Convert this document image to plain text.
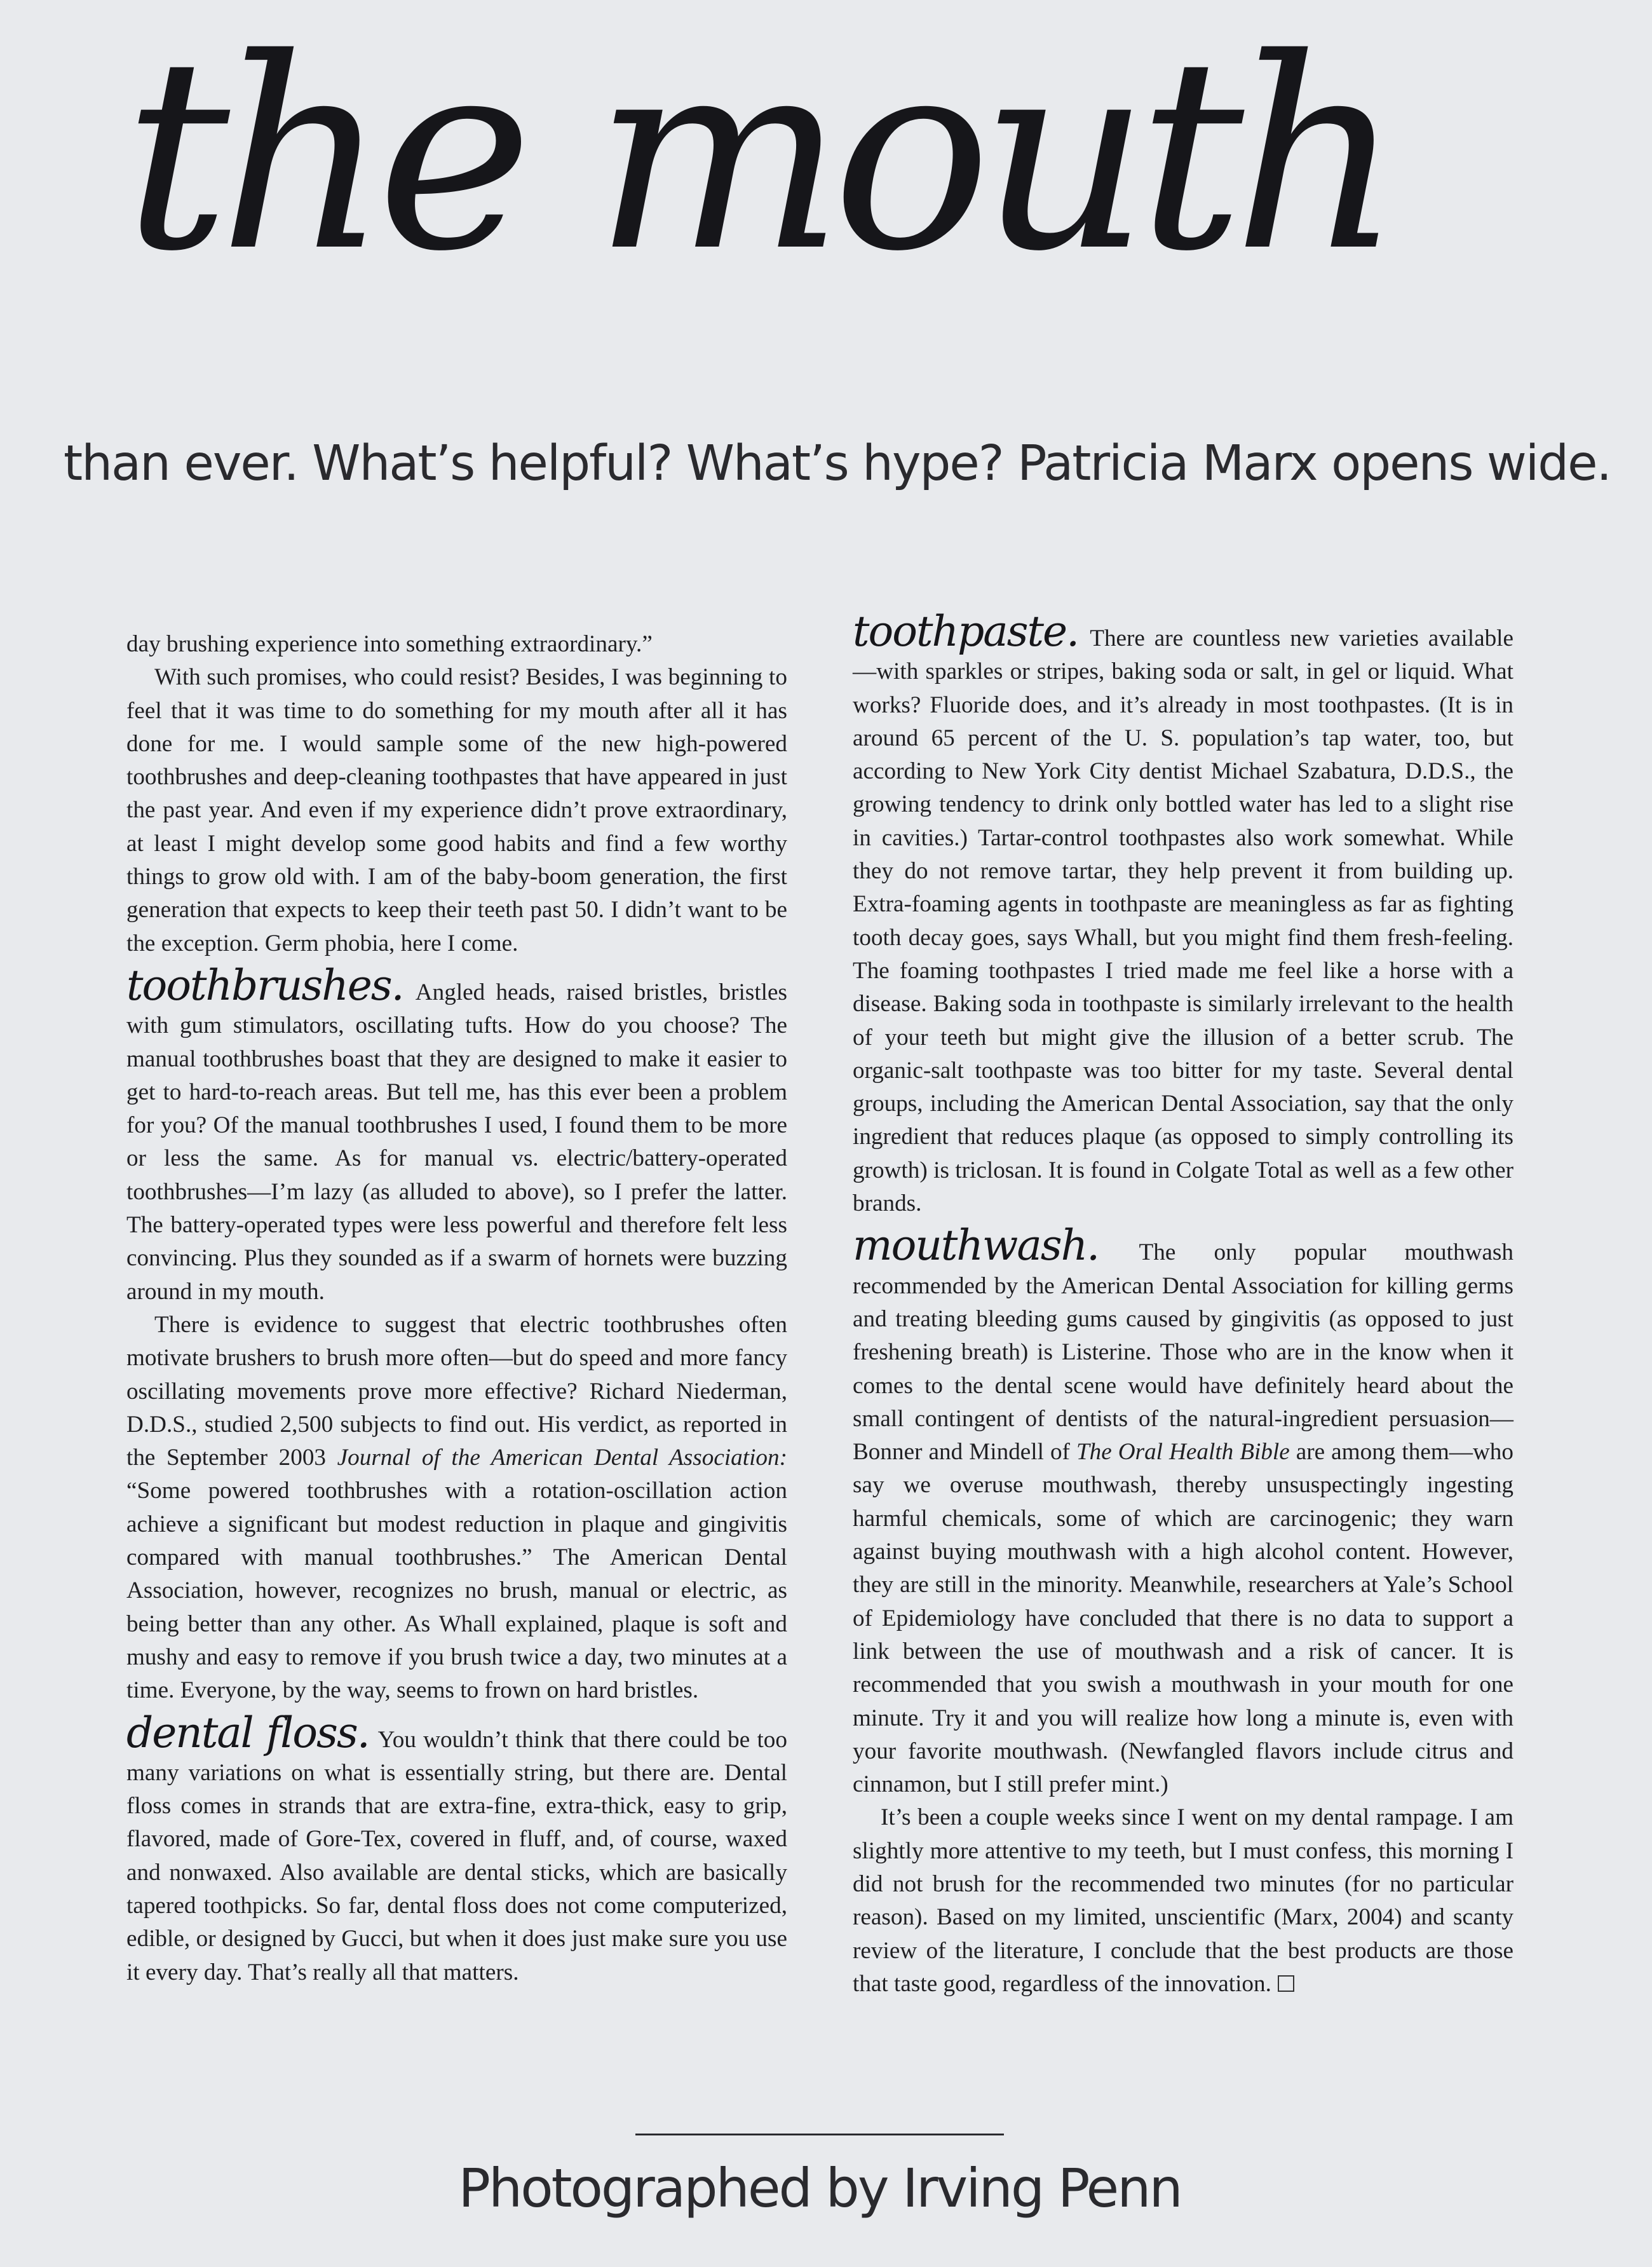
the mouth

than ever. What’s helpful? What’s hype? Patricia Marx opens wide.

day brushing experience into something extraordinary.”

With such promises, who could resist? Besides, I was beginning to feel that it was time to do something for my mouth after all it has done for me. I would sample some of the new high-powered toothbrushes and deep-cleaning toothpastes that have appeared in just the past year. And even if my experience didn’t prove extraordinary, at least I might develop some good habits and find a few worthy things to grow old with. I am of the baby-boom generation, the first generation that expects to keep their teeth past 50. I didn’t want to be the exception. Germ phobia, here I come.

toothbrushes. Angled heads, raised bristles, bristles with gum stimulators, oscillating tufts. How do you choose? The manual toothbrushes boast that they are designed to make it easier to get to hard-to-reach areas. But tell me, has this ever been a problem for you? Of the manual toothbrushes I used, I found them to be more or less the same. As for manual vs. electric/battery-operated toothbrushes—I’m lazy (as alluded to above), so I prefer the latter. The battery-operated types were less powerful and therefore felt less convincing. Plus they sounded as if a swarm of hornets were buzzing around in my mouth.

There is evidence to suggest that electric toothbrushes often motivate brushers to brush more often—but do speed and more fancy oscillating movements prove more effective? Richard Niederman, D.D.S., studied 2,500 subjects to find out. His verdict, as reported in the September 2003 Journal of the American Dental Association: “Some powered toothbrushes with a rotation-oscillation action achieve a significant but modest reduction in plaque and gingivitis compared with manual toothbrushes.” The American Dental Association, however, recognizes no brush, manual or electric, as being better than any other. As Whall explained, plaque is soft and mushy and easy to remove if you brush twice a day, two minutes at a time. Everyone, by the way, seems to frown on hard bristles.

dental floss. You wouldn’t think that there could be too many variations on what is essentially string, but there are. Dental floss comes in strands that are extra-fine, extra-thick, easy to grip, flavored, made of Gore-Tex, covered in fluff, and, of course, waxed and nonwaxed. Also available are dental sticks, which are basically tapered toothpicks. So far, dental floss does not come computerized, edible, or designed by Gucci, but when it does just make sure you use it every day. That’s really all that matters.

toothpaste. There are countless new varieties available—with sparkles or stripes, baking soda or salt, in gel or liquid. What works? Fluoride does, and it’s already in most toothpastes. (It is in around 65 percent of the U. S. population’s tap water, too, but according to New York City dentist Michael Szabatura, D.D.S., the growing tendency to drink only bottled water has led to a slight rise in cavities.) Tartar-control toothpastes also work somewhat. While they do not remove tartar, they help prevent it from building up. Extra-foaming agents in toothpaste are meaningless as far as fighting tooth decay goes, says Whall, but you might find them fresh-feeling. The foaming toothpastes I tried made me feel like a horse with a disease. Baking soda in toothpaste is similarly irrelevant to the health of your teeth but might give the illusion of a better scrub. The organic-salt toothpaste was too bitter for my taste. Several dental groups, including the American Dental Association, say that the only ingredient that reduces plaque (as opposed to simply controlling its growth) is triclosan. It is found in Colgate Total as well as a few other brands.

mouthwash. The only popular mouthwash recommended by the American Dental Association for killing germs and treating bleeding gums caused by gingivitis (as opposed to just freshening breath) is Listerine. Those who are in the know when it comes to the dental scene would have definitely heard about the small contingent of dentists of the natural-ingredient persuasion—Bonner and Mindell of The Oral Health Bible are among them—who say we overuse mouthwash, thereby unsuspectingly ingesting harmful chemicals, some of which are carcinogenic; they warn against buying mouthwash with a high alcohol content. However, they are still in the minority. Meanwhile, researchers at Yale’s School of Epidemiology have concluded that there is no data to support a link between the use of mouthwash and a risk of cancer. It is recommended that you swish a mouthwash in your mouth for one minute. Try it and you will realize how long a minute is, even with your favorite mouthwash. (Newfangled flavors include citrus and cinnamon, but I still prefer mint.)

It’s been a couple weeks since I went on my dental rampage. I am slightly more attentive to my teeth, but I must confess, this morning I did not brush for the recommended two minutes (for no particular reason). Based on my limited, unscientific (Marx, 2004) and scanty review of the literature, I conclude that the best products are those that taste good, regardless of the innovation.

Photographed by Irving Penn
